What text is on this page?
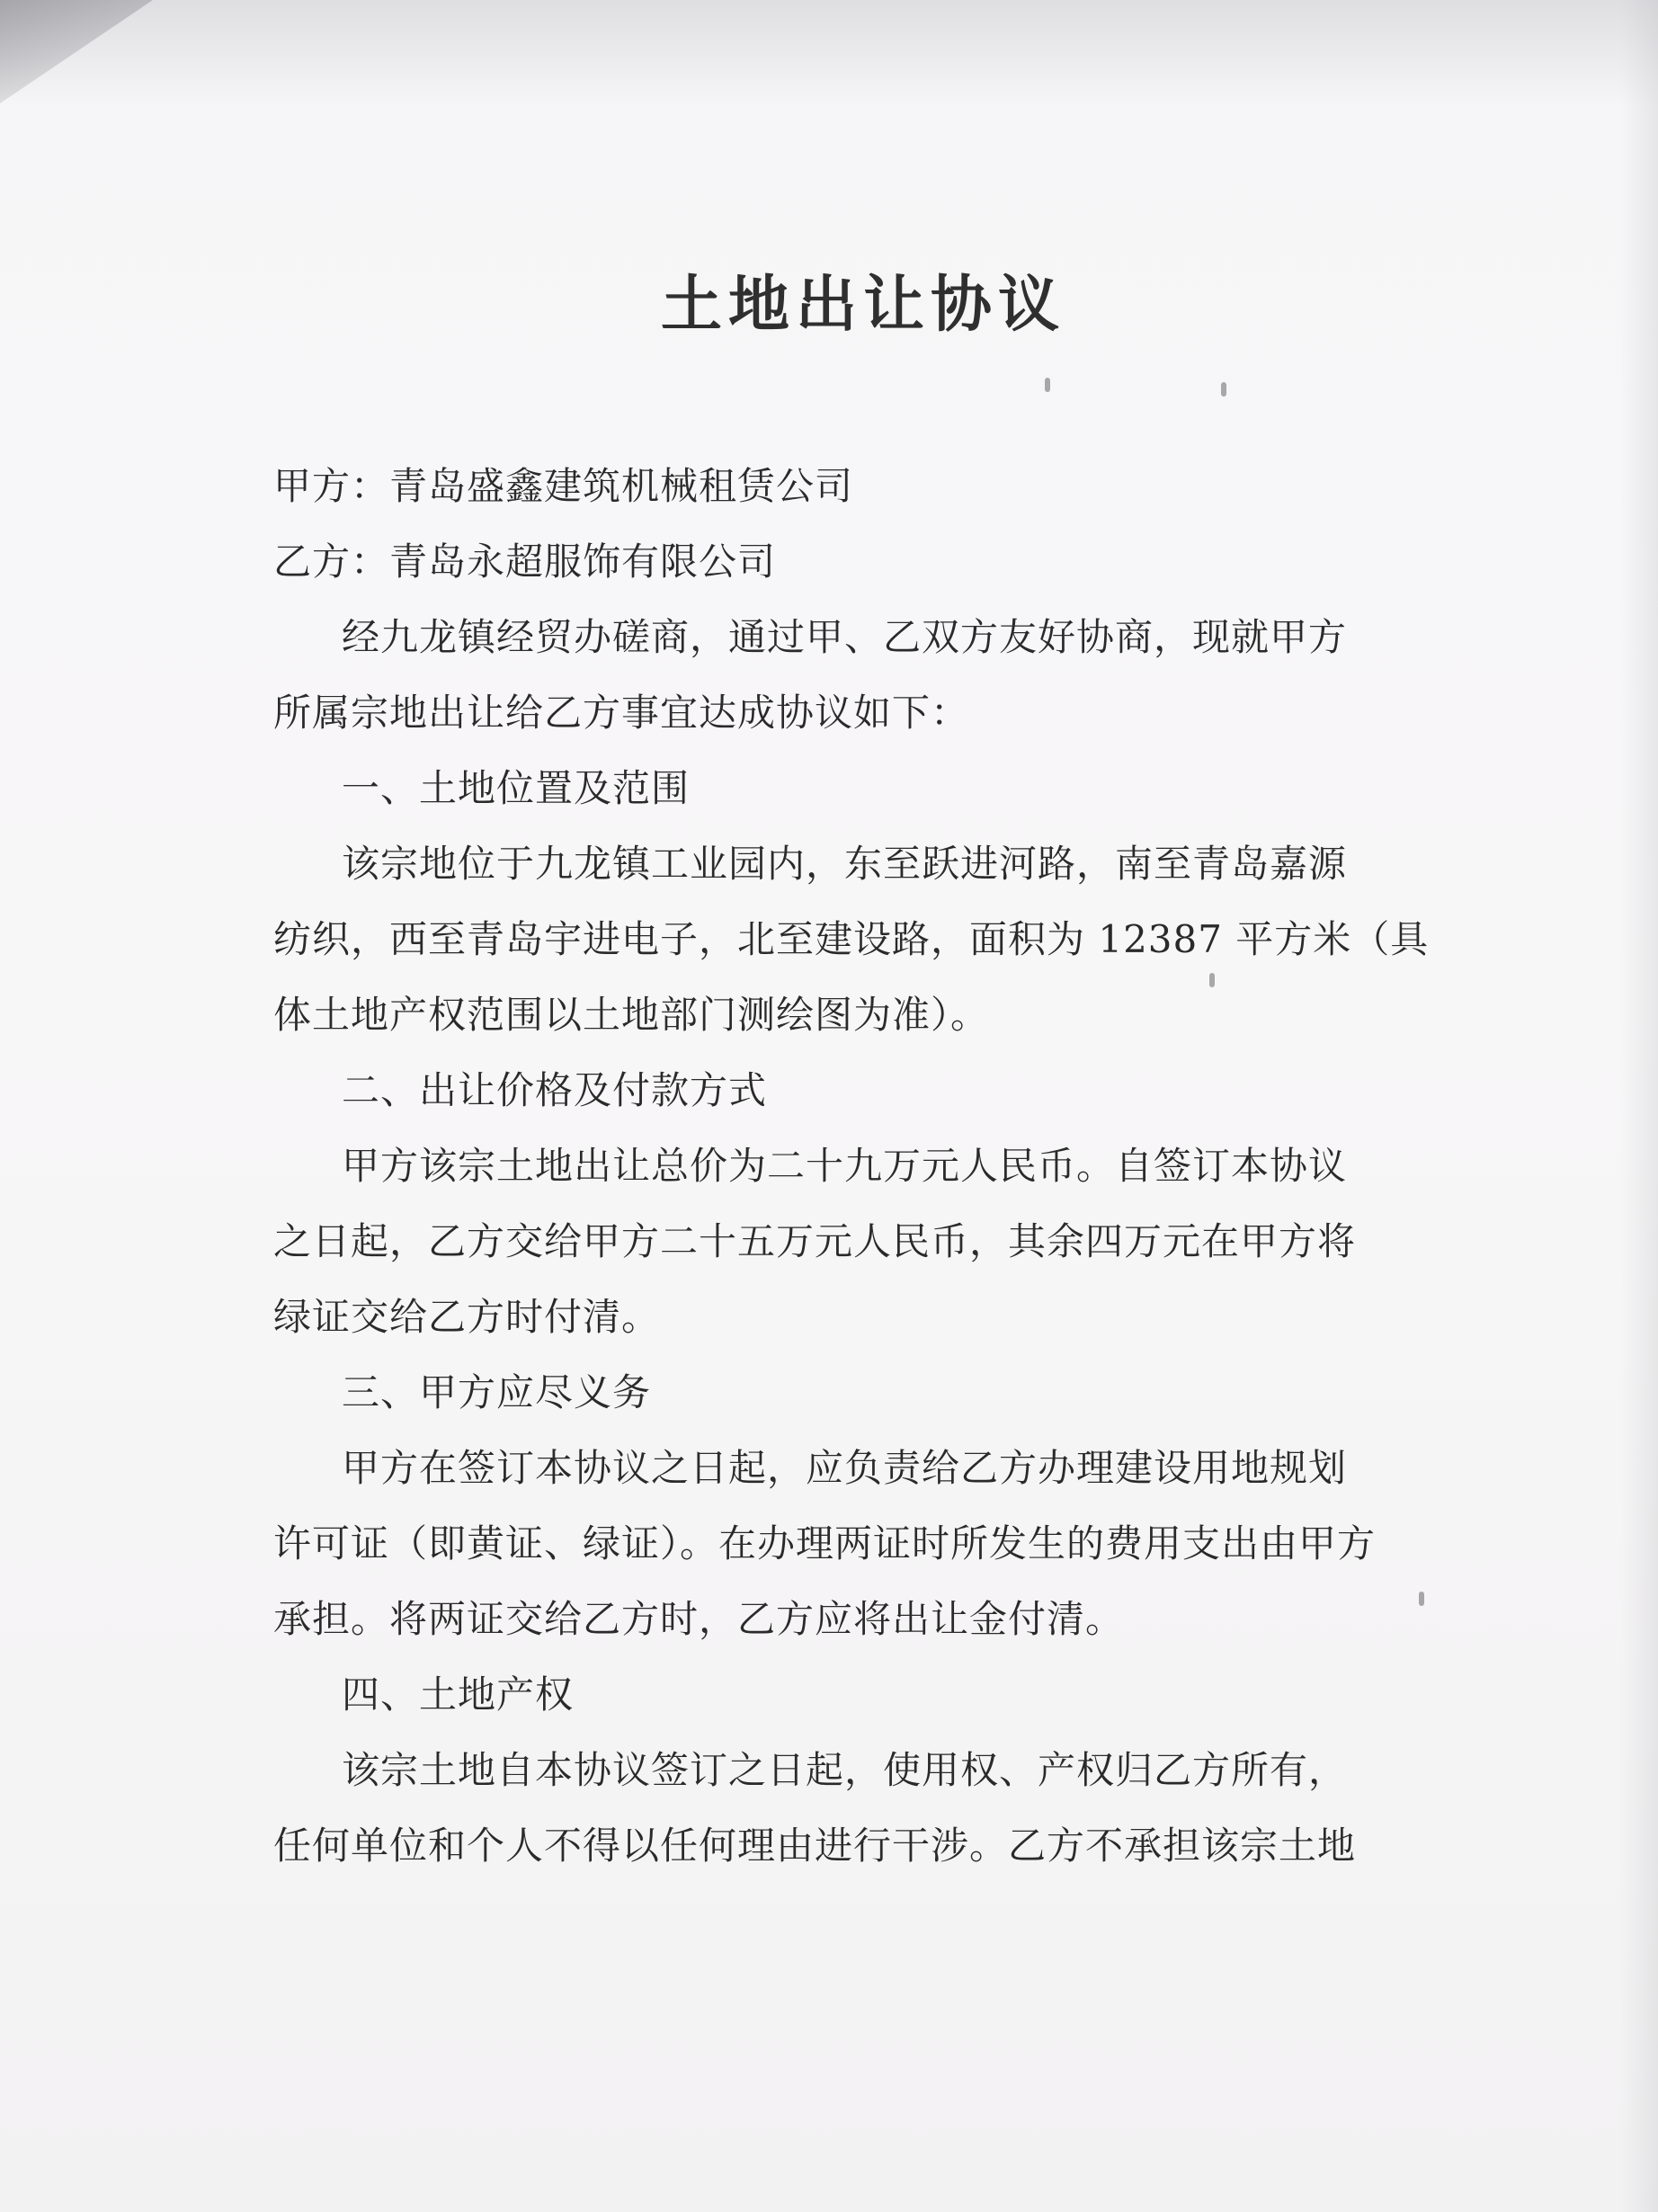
土地出让协议
甲方：青岛盛鑫建筑机械租赁公司
乙方：青岛永超服饰有限公司
经九龙镇经贸办磋商，通过甲、乙双方友好协商，现就甲方
所属宗地出让给乙方事宜达成协议如下：
一、土地位置及范围
该宗地位于九龙镇工业园内，东至跃进河路，南至青岛嘉源
纺织，西至青岛宇进电子，北至建设路，面积为 12387 平方米（具
体土地产权范围以土地部门测绘图为准）。
二、出让价格及付款方式
甲方该宗土地出让总价为二十九万元人民币。自签订本协议
之日起，乙方交给甲方二十五万元人民币，其余四万元在甲方将
绿证交给乙方时付清。
三、甲方应尽义务
甲方在签订本协议之日起，应负责给乙方办理建设用地规划
许可证（即黄证、绿证）。在办理两证时所发生的费用支出由甲方
承担。将两证交给乙方时，乙方应将出让金付清。
四、土地产权
该宗土地自本协议签订之日起，使用权、产权归乙方所有，
任何单位和个人不得以任何理由进行干涉。乙方不承担该宗土地
